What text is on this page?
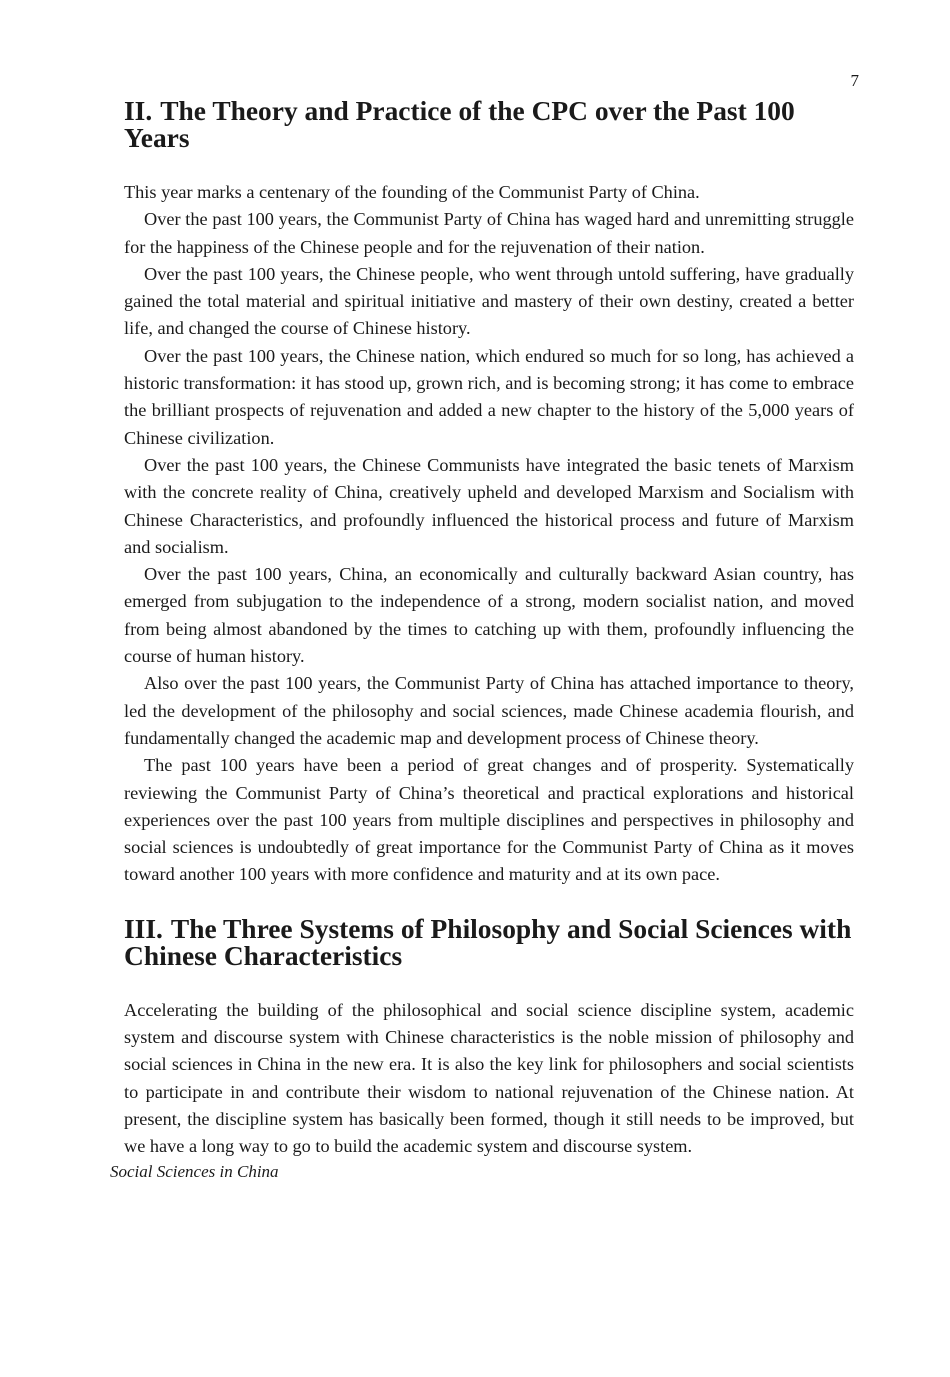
7
II. The Theory and Practice of the CPC over the Past 100 Years

This year marks a centenary of the founding of the Communist Party of China.

Over the past 100 years, the Communist Party of China has waged hard and unremitting struggle for the happiness of the Chinese people and for the rejuvenation of their nation.

Over the past 100 years, the Chinese people, who went through untold suffering, have gradually gained the total material and spiritual initiative and mastery of their own destiny, created a better life, and changed the course of Chinese history.

Over the past 100 years, the Chinese nation, which endured so much for so long, has achieved a historic transformation: it has stood up, grown rich, and is becoming strong; it has come to embrace the brilliant prospects of rejuvenation and added a new chapter to the history of the 5,000 years of Chinese civilization.

Over the past 100 years, the Chinese Communists have integrated the basic tenets of Marxism with the concrete reality of China, creatively upheld and developed Marxism and Socialism with Chinese Characteristics, and profoundly influenced the historical process and future of Marxism and socialism.

Over the past 100 years, China, an economically and culturally backward Asian country, has emerged from subjugation to the independence of a strong, modern socialist nation, and moved from being almost abandoned by the times to catching up with them, profoundly influencing the course of human history.

Also over the past 100 years, the Communist Party of China has attached importance to theory, led the development of the philosophy and social sciences, made Chinese academia flourish, and fundamentally changed the academic map and development process of Chinese theory.

The past 100 years have been a period of great changes and of prosperity. Systematically reviewing the Communist Party of China’s theoretical and practical explorations and historical experiences over the past 100 years from multiple disciplines and perspectives in philosophy and social sciences is undoubtedly of great importance for the Communist Party of China as it moves toward another 100 years with more confidence and maturity and at its own pace.

III. The Three Systems of Philosophy and Social Sciences with Chinese Characteristics

Accelerating the building of the philosophical and social science discipline system, academic system and discourse system with Chinese characteristics is the noble mission of philosophy and social sciences in China in the new era. It is also the key link for philosophers and social scientists to participate in and contribute their wisdom to national rejuvenation of the Chinese nation. At present, the discipline system has basically been formed, though it still needs to be improved, but we have a long way to go to build the academic system and discourse system.

Social Sciences in China
